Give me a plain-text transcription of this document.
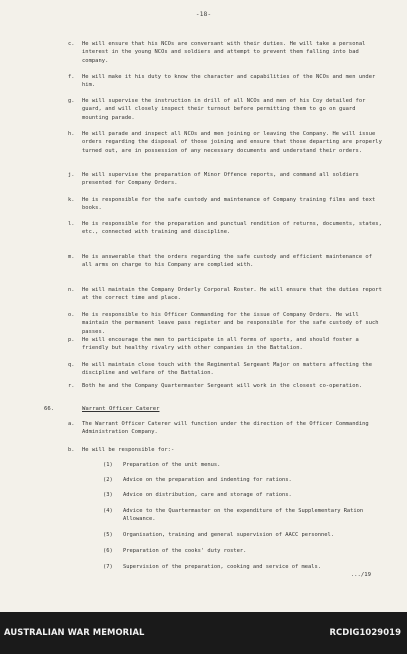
-18-
c.	He will ensure that his NCOs are conversant with their duties. He will take a personal interest in the young NCOs and soldiers and attempt to prevent them falling into bad company.
f.	He will make it his duty to know the character and capabilities of the NCOs and men under him.
g.	He will supervise the instruction in drill of all NCOs and men of his Coy detailed for guard, and will closely inspect their turnout before permitting them to go on guard mounting parade.
h.	He will parade and inspect all NCOs and men joining or leaving the Company. He will issue orders regarding the disposal of those joining and ensure that those departing are properly turned out, are in possession of any necessary documents and understand their orders.
j.	He will supervise the preparation of Minor Offence reports, and command all soldiers presented for Company Orders.
k.	He is responsible for the safe custody and maintenance of Company training films and text books.
l.	He is responsible for the preparation and punctual rendition of returns, documents, states, etc., connected with training and discipline.
m.	He is answerable that the orders regarding the safe custody and efficient maintenance of all arms on charge to his Company are complied with.
n.	He will maintain the Company Orderly Corporal Roster. He will ensure that the duties report at the correct time and place.
o.	He is responsible to his Officer Commanding for the issue of Company Orders. He will maintain the permanent leave pass register and be responsible for the safe custody of such passes.
p.	He will encourage the men to participate in all forms of sports, and should foster a friendly but healthy rivalry with other companies in the Battalion.
q.	He will maintain close touch with the Regimental Sergeant Major on matters affecting the discipline and welfare of the Battalion.
r.	Both he and the Company Quartermaster Sergeant will work in the closest co-operation.
66.	Warrant Officer Caterer
a.	The Warrant Officer Caterer will function under the direction of the Officer Commanding Administration Company.
b.	He will be responsible for:-
(1) Preparation of the unit menus.
(2) Advice on the preparation and indenting for rations.
(3) Advice on distribution, care and storage of rations.
(4) Advice to the Quartermaster on the expenditure of the Supplementary Ration Allowance.
(5) Organisation, training and general supervision of AACC personnel.
(6) Preparation of the cooks' duty roster.
(7) Supervision of the preparation, cooking and service of meals.
.../19
AUSTRALIAN WAR MEMORIAL	RCDIG1029019
